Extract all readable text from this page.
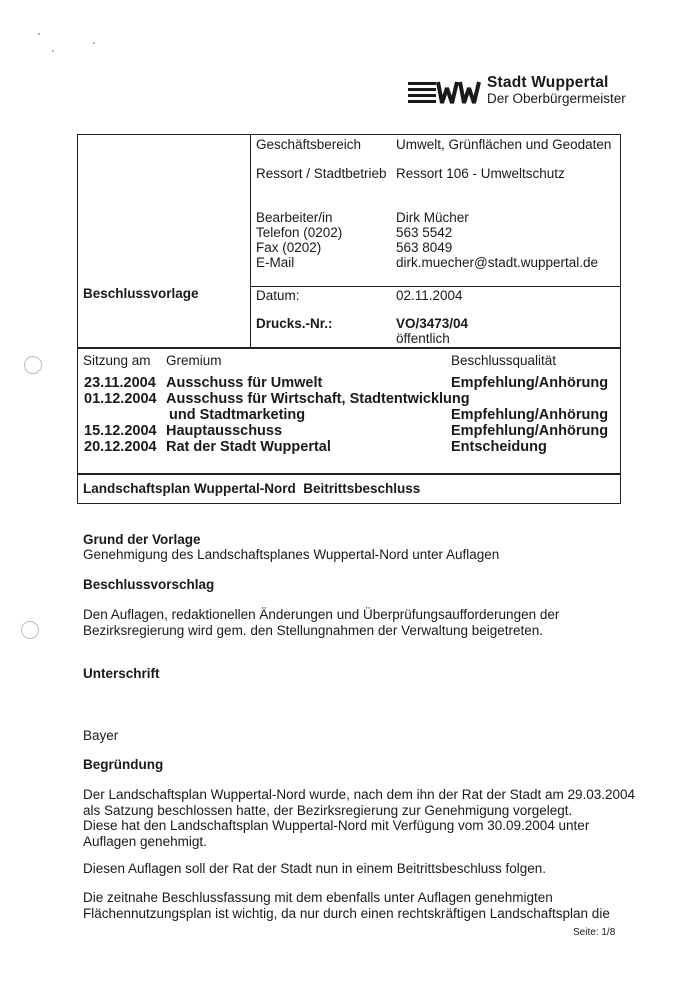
Stadt Wuppertal
Der Oberbürgermeister
Beschlussvorlage
Geschäftsbereich	Umwelt, Grünflächen und Geodaten
Ressort / Stadtbetrieb Ressort 106 - Umweltschutz
Bearbeiter/in	Dirk Mücher
Telefon (0202)	563 5542
Fax (0202)	563 8049
E-Mail	dirk.muecher@stadt.wuppertal.de
Datum:	02.11.2004
Drucks.-Nr.:	VO/3473/04
öffentlich
Sitzung am Gremium	Beschlussqualität
23.11.2004 Ausschuss für Umwelt	Empfehlung/Anhörung
01.12.2004 Ausschuss für Wirtschaft, Stadtentwicklung
und Stadtmarketing	Empfehlung/Anhörung
15.12.2004 Hauptausschuss	Empfehlung/Anhörung
20.12.2004 Rat der Stadt Wuppertal	Entscheidung
Landschaftsplan Wuppertal-Nord  Beitrittsbeschluss
Grund der Vorlage
Genehmigung des Landschaftsplanes Wuppertal-Nord unter Auflagen
Beschlussvorschlag
Den Auflagen, redaktionellen Änderungen und Überprüfungsaufforderungen der
Bezirksregierung wird gem. den Stellungnahmen der Verwaltung beigetreten.
Unterschrift
Bayer
Begründung
Der Landschaftsplan Wuppertal-Nord wurde, nach dem ihn der Rat der Stadt am 29.03.2004
als Satzung beschlossen hatte, der Bezirksregierung zur Genehmigung vorgelegt.
Diese hat den Landschaftsplan Wuppertal-Nord mit Verfügung vom 30.09.2004 unter
Auflagen genehmigt.
Diesen Auflagen soll der Rat der Stadt nun in einem Beitrittsbeschluss folgen.
Die zeitnahe Beschlussfassung mit dem ebenfalls unter Auflagen genehmigten
Flächennutzungsplan ist wichtig, da nur durch einen rechtskräftigen Landschaftsplan die
Seite: 1/8
